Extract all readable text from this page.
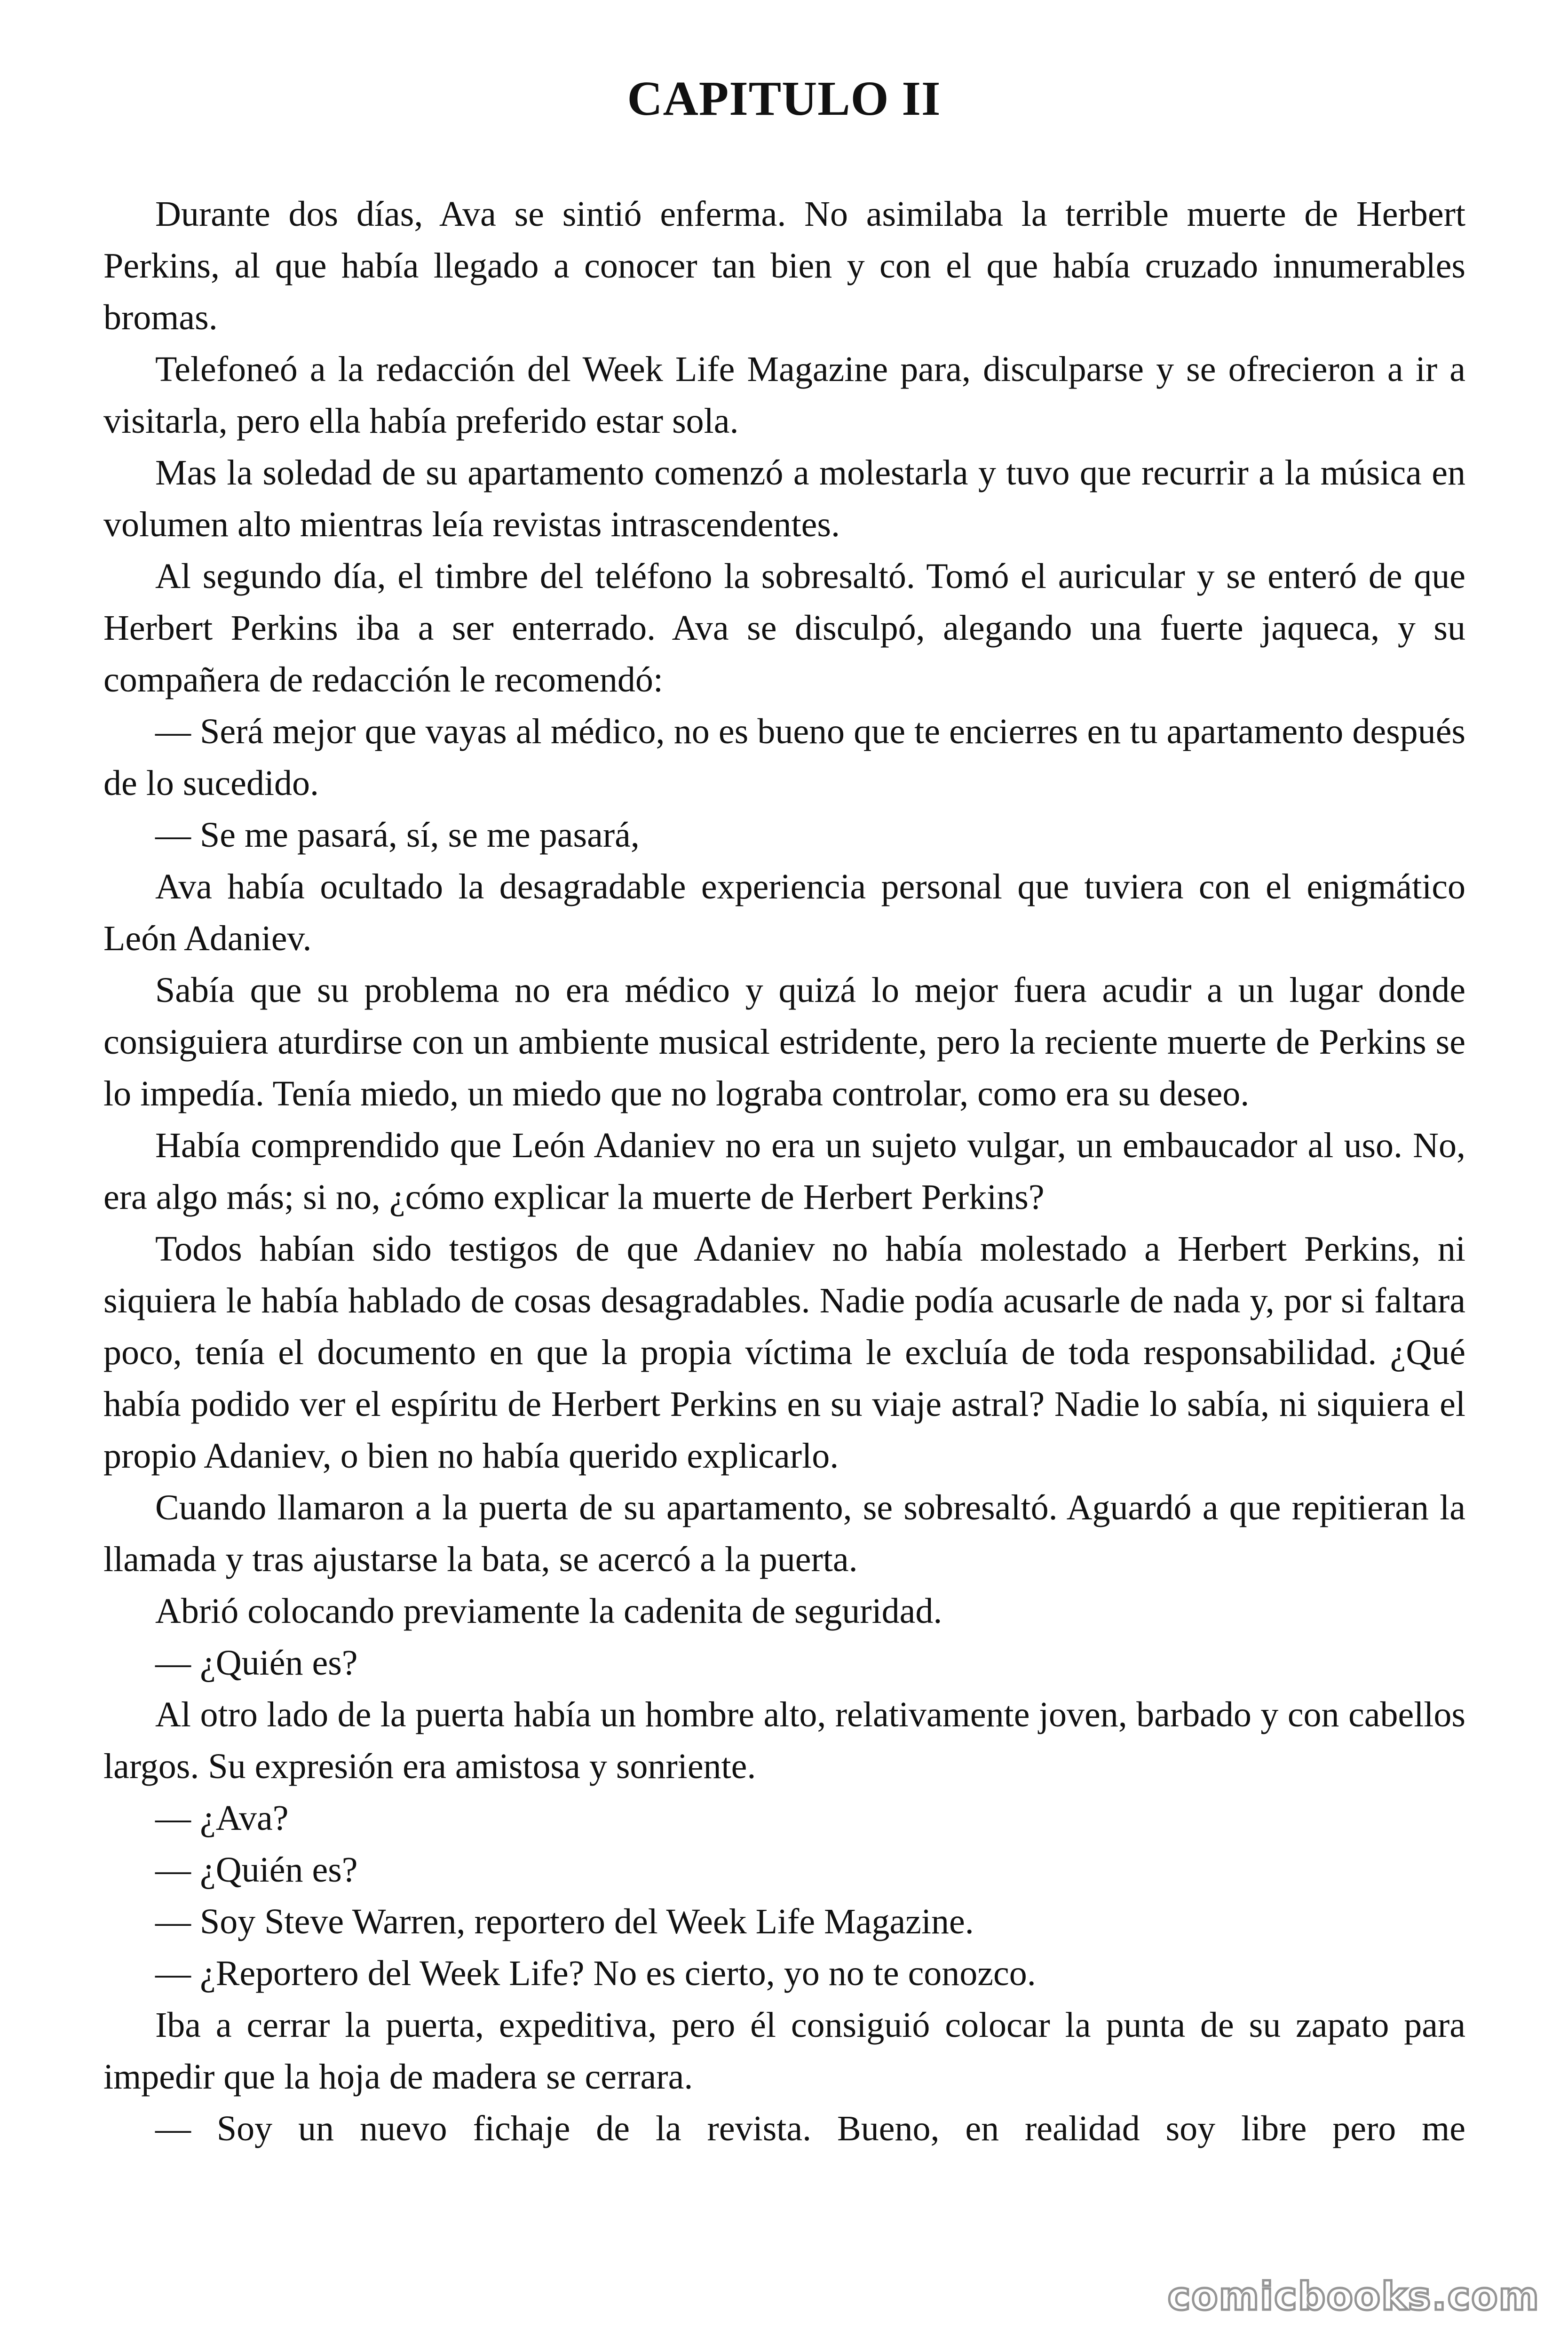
CAPITULO II

Durante dos días, Ava se sintió enferma. No asimilaba la terrible muerte de Herbert Perkins, al que había llegado a conocer tan bien y con el que había cruzado innumerables bromas.

Telefoneó a la redacción del Week Life Magazine para, disculparse y se ofrecieron a ir a visitarla, pero ella había preferido estar sola.

Mas la soledad de su apartamento comenzó a molestarla y tuvo que recurrir a la música en volumen alto mientras leía revistas intrascendentes.

Al segundo día, el timbre del teléfono la sobresaltó. Tomó el auricular y se enteró de que Herbert Perkins iba a ser enterrado. Ava se disculpó, alegando una fuerte jaqueca, y su compañera de redacción le recomendó:

— Será mejor que vayas al médico, no es bueno que te encierres en tu apartamento después de lo sucedido.

— Se me pasará, sí, se me pasará,

Ava había ocultado la desagradable experiencia personal que tuviera con el enigmático León Adaniev.

Sabía que su problema no era médico y quizá lo mejor fuera acudir a un lugar donde consiguiera aturdirse con un ambiente musical estridente, pero la reciente muerte de Perkins se lo impedía. Tenía miedo, un miedo que no lograba controlar, como era su deseo.

Había comprendido que León Adaniev no era un sujeto vulgar, un embaucador al uso. No, era algo más; si no, ¿cómo explicar la muerte de Herbert Perkins?

Todos habían sido testigos de que Adaniev no había molestado a Herbert Perkins, ni siquiera le había hablado de cosas desagradables. Nadie podía acusarle de nada y, por si faltara poco, tenía el documento en que la propia víctima le excluía de toda responsabilidad. ¿Qué había podido ver el espíritu de Herbert Perkins en su viaje astral? Nadie lo sabía, ni siquiera el propio Adaniev, o bien no había querido explicarlo.

Cuando llamaron a la puerta de su apartamento, se sobresaltó. Aguardó a que repitieran la llamada y tras ajustarse la bata, se acercó a la puerta.

Abrió colocando previamente la cadenita de seguridad.

— ¿Quién es?

Al otro lado de la puerta había un hombre alto, relativamente joven, barbado y con cabellos largos. Su expresión era amistosa y sonriente.

— ¿Ava?

— ¿Quién es?

— Soy Steve Warren, reportero del Week Life Magazine.

— ¿Reportero del Week Life? No es cierto, yo no te conozco.

Iba a cerrar la puerta, expeditiva, pero él consiguió colocar la punta de su zapato para impedir que la hoja de madera se cerrara.

— Soy un nuevo fichaje de la revista. Bueno, en realidad soy libre pero me

comicbooks.com
